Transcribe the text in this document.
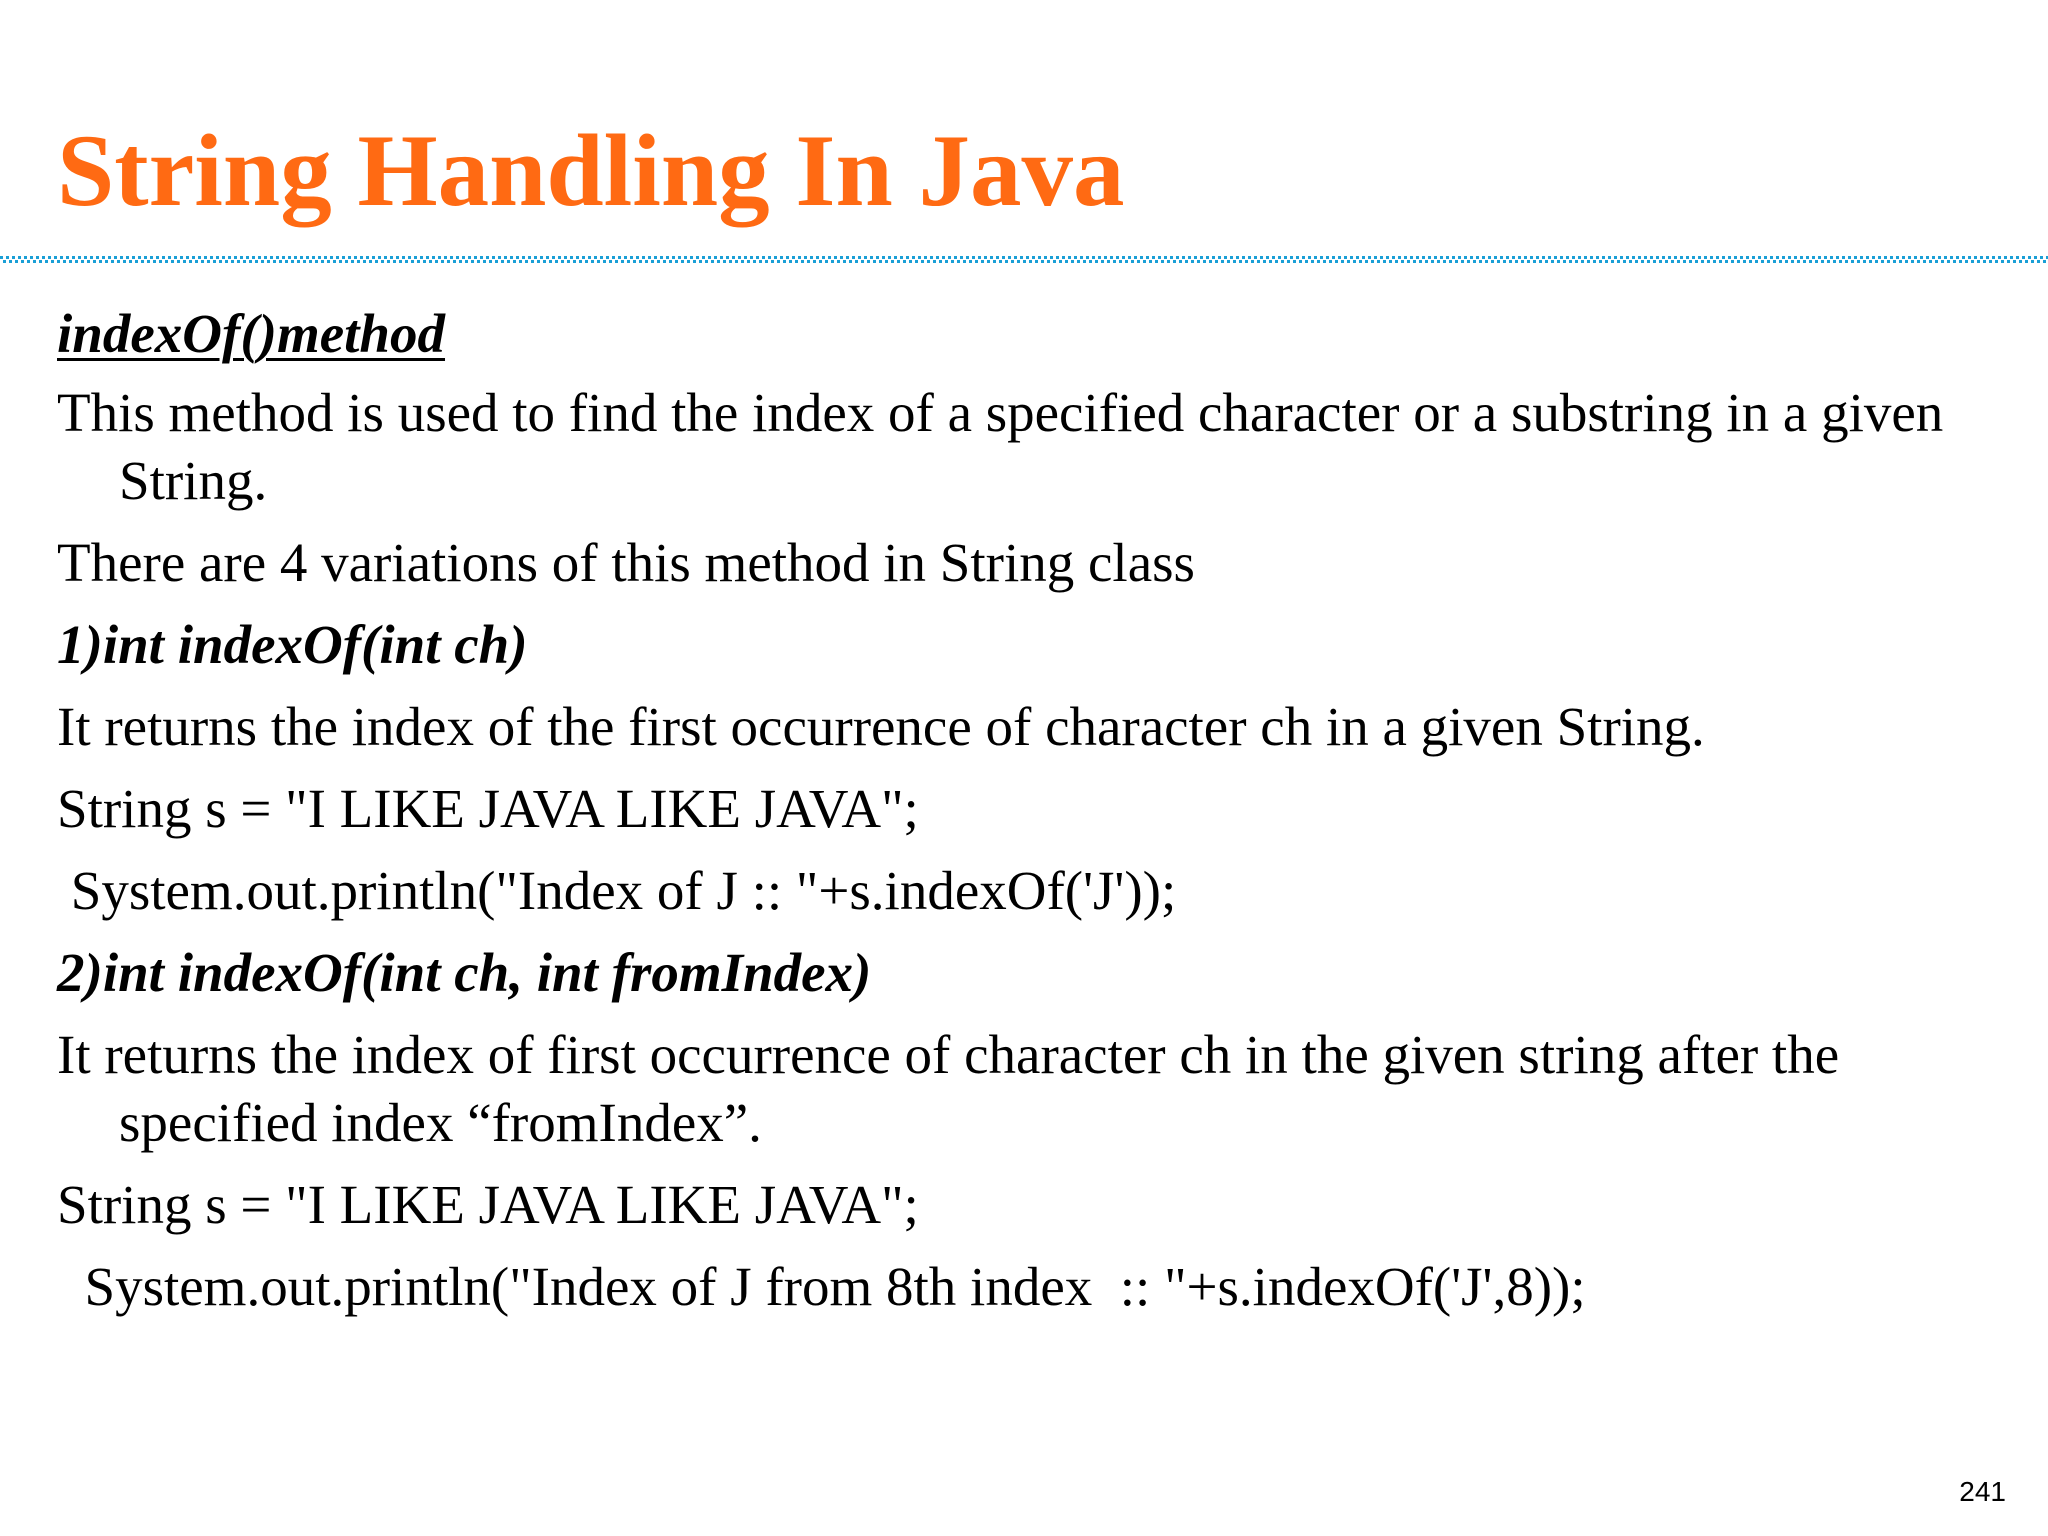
String Handling In Java
indexOf()method
This method is used to find the index of a specified character or a substring in a given String.
There are 4 variations of this method in String class
1)int indexOf(int ch)
It returns the index of the first occurrence of character ch in a given String.
String s = "I LIKE JAVA LIKE JAVA";
System.out.println("Index of J :: "+s.indexOf('J'));
2)int indexOf(int ch, int fromIndex)
It returns the index of first occurrence of character ch in the given string after the specified index “fromIndex”.
String s = "I LIKE JAVA LIKE JAVA";
System.out.println("Index of J from 8th index  :: "+s.indexOf('J',8));
241
